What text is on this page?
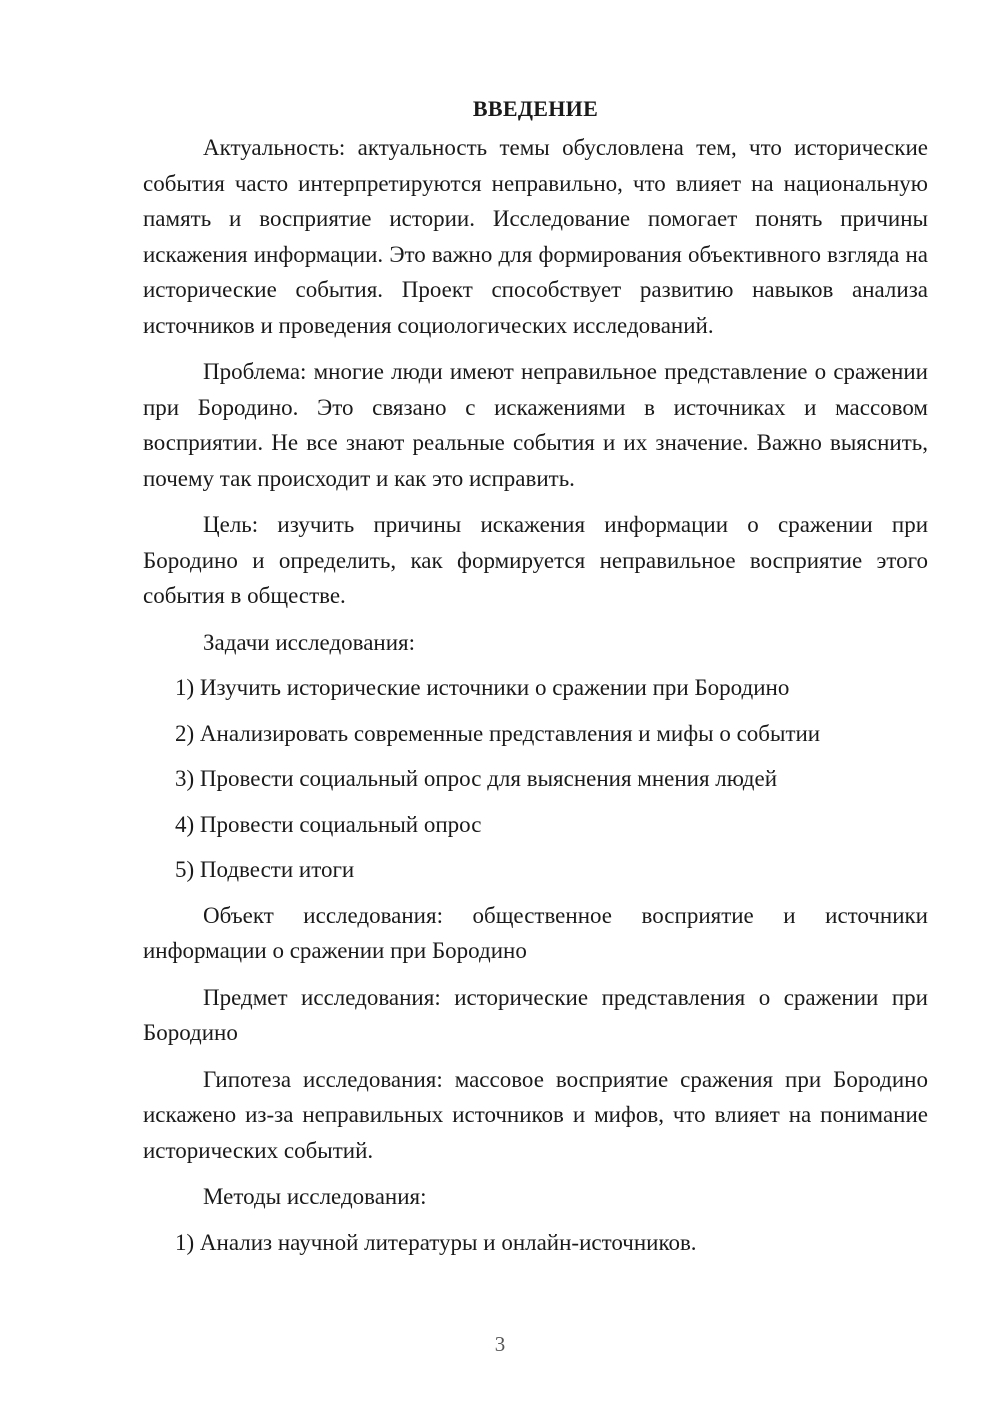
ВВЕДЕНИЕ

Актуальность: актуальность темы обусловлена тем, что исторические события часто интерпретируются неправильно, что влияет на национальную память и восприятие истории. Исследование помогает понять причины искажения информации. Это важно для формирования объективного взгляда на исторические события. Проект способствует развитию навыков анализа источников и проведения социологических исследований.

Проблема: многие люди имеют неправильное представление о сражении при Бородино. Это связано с искажениями в источниках и массовом восприятии. Не все знают реальные события и их значение. Важно выяснить, почему так происходит и как это исправить.

Цель: изучить причины искажения информации о сражении при Бородино и определить, как формируется неправильное восприятие этого события в обществе.

Задачи исследования:
1) Изучить исторические источники о сражении при Бородино
2) Анализировать современные представления и мифы о событии
3) Провести социальный опрос для выяснения мнения людей
4) Провести социальный опрос
5) Подвести итоги

Объект исследования: общественное восприятие и источники информации о сражении при Бородино

Предмет исследования: исторические представления о сражении при Бородино

Гипотеза исследования: массовое восприятие сражения при Бородино искажено из-за неправильных источников и мифов, что влияет на понимание исторических событий.

Методы исследования:
1) Анализ научной литературы и онлайн-источников.
3
